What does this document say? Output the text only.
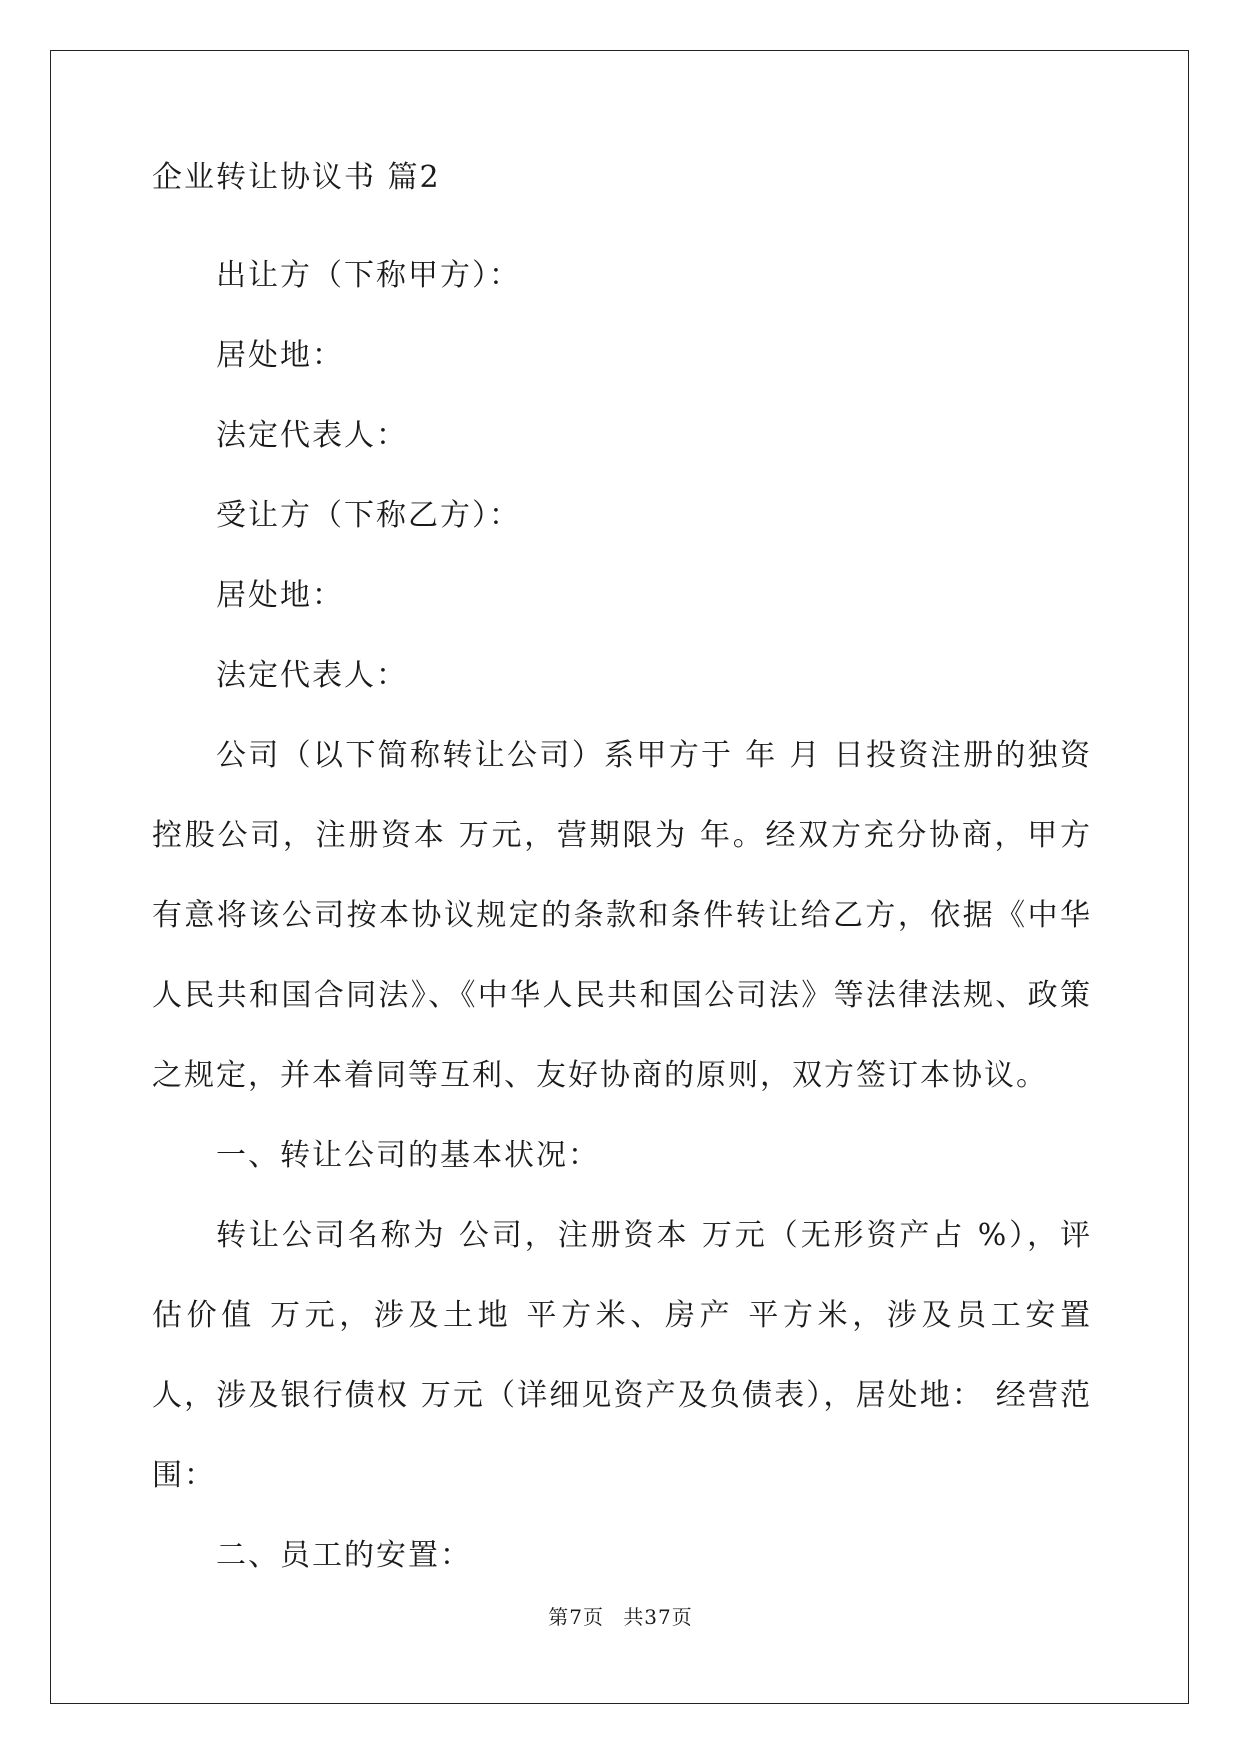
企业转让协议书 篇2

出让方（下称甲方）：

居处地：

法定代表人：

受让方（下称乙方）：

居处地：

法定代表人：

公司（以下简称转让公司）系甲方于 年 月 日投资注册的独资控股公司，注册资本 万元，营期限为 年。经双方充分协商，甲方有意将该公司按本协议规定的条款和条件转让给乙方，依据《中华人民共和国合同法》、《中华人民共和国公司法》等法律法规、政策之规定，并本着同等互利、友好协商的原则，双方签订本协议。

一、转让公司的基本状况：

转让公司名称为 公司，注册资本 万元（无形资产占 %），评估价值 万元，涉及土地 平方米、房产 平方米，涉及员工安置 人，涉及银行债权 万元（详细见资产及负债表），居处地： 经营范围：

二、员工的安置：

第7页 共37页
